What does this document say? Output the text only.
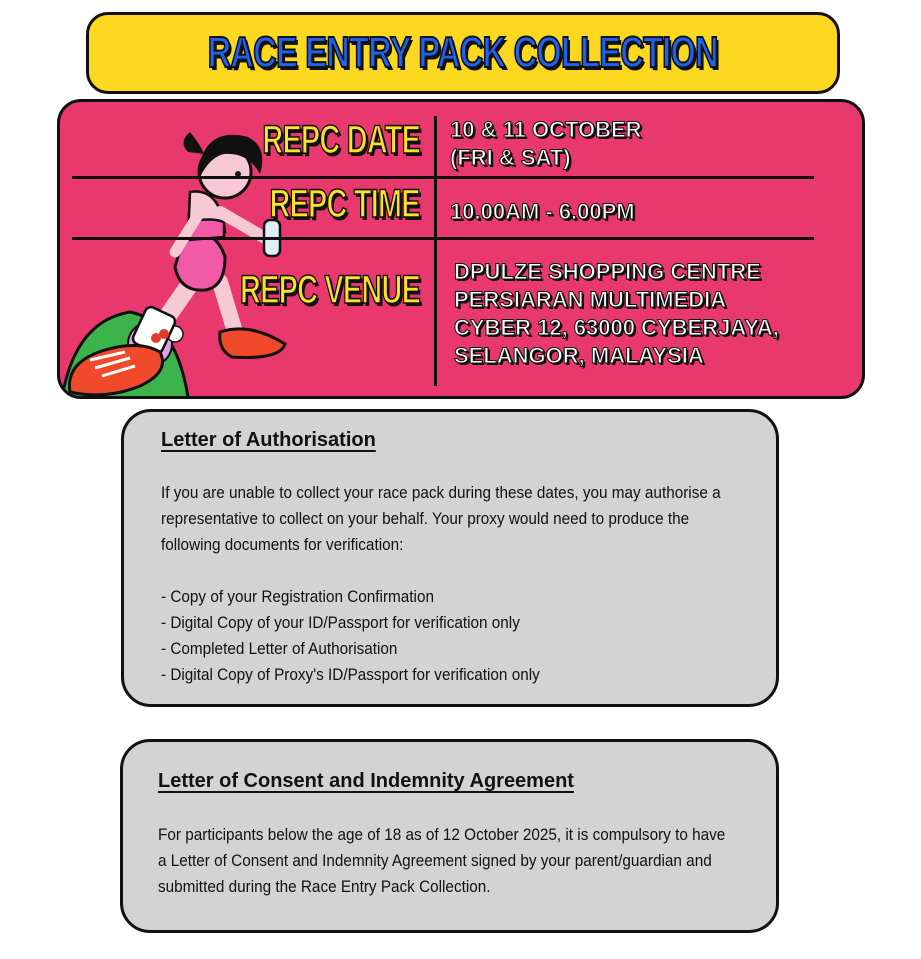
RACE ENTRY PACK COLLECTION
REPC DATE 10 & 11 OCTOBER
(FRI & SAT)
REPC TIME 10.00AM - 6.00PM
REPC VENUE DPULZE SHOPPING CENTRE
PERSIARAN MULTIMEDIA
CYBER 12, 63000 CYBERJAYA,
SELANGOR, MALAYSIA
Letter of Authorisation
If you are unable to collect your race pack during these dates, you may authorise a
representative to collect on your behalf. Your proxy would need to produce the
following documents for verification:
- Copy of your Registration Confirmation
- Digital Copy of your ID/Passport for verification only
- Completed Letter of Authorisation
- Digital Copy of Proxy's ID/Passport for verification only
Letter of Consent and Indemnity Agreement
For participants below the age of 18 as of 12 October 2025, it is compulsory to have
a Letter of Consent and Indemnity Agreement signed by your parent/guardian and
submitted during the Race Entry Pack Collection.
